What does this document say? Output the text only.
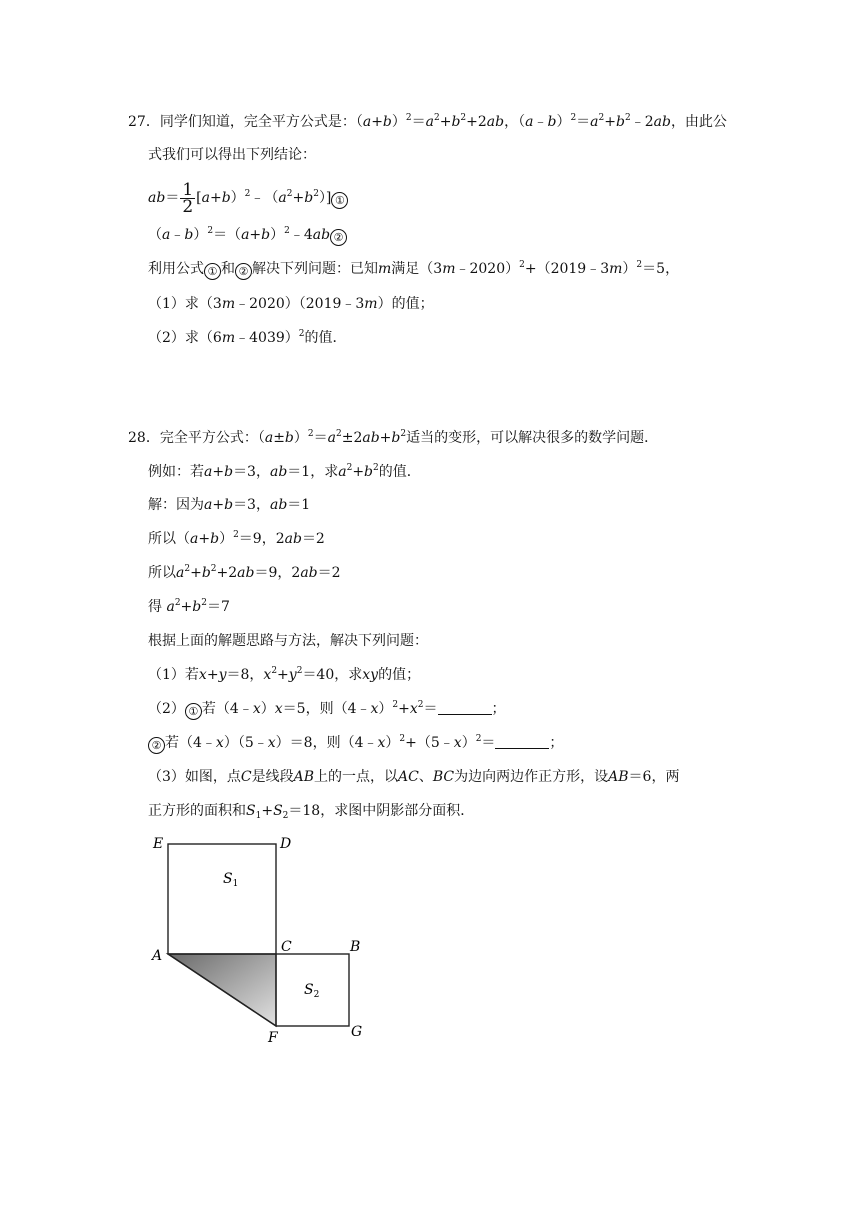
27．同学们知道，完全平方公式是：$(a+b)^2=a^2+b^2+2ab$，$(a﹣b)^2=a^2+b^2﹣2ab$，由此公
式我们可以得出下列结论：
$ab= \frac{1}{2}$ $[a+b)^2﹣(a^2+b^2)$] ①
$(a﹣b)^2=(a+b)^2﹣4ab$ ②
利用公式 ① 和 ② 解决下列问题：已知m满足（3m﹣2020）$^2$+（2019﹣3m）$^2$＝5，
（1）求（3m﹣2020）（2019﹣3m）的值；
（2）求（6m﹣4039）$^2$的值．
28．完全平方公式：$(a\pm b)^2=a^2\pm 2ab+b^2$适当的变形，可以解决很多的数学问题．
例如：若a+b＝3，ab＝1，求$a^2+b^2$的值．
解：因为a+b＝3，ab＝1
所以$(a+b)^2=9$，2ab＝2
所以$a^2+b^2+2ab=9$，2ab＝2
得 $a^2+b^2=7$
根据上面的解题思路与方法，解决下列问题：
（1）若x+y＝8，$x^2+y^2=40$，求xy的值；
（2） ① 若（4﹣x）x＝5，则$(4﹣x)^2+x^2=$	；
② 若（4﹣x）（5﹣x）＝8，则（4﹣x）$^2$+（5﹣x）$^2$＝	；
（3）如图，点C是线段AB上的一点，以AC、BC为边向两边作正方形，设AB＝6，两
正方形的面积和$S_1+S_2=18$，求图中阴影部分面积．
E	D
A
C	B
F	G
$S_1$
$S_2$
